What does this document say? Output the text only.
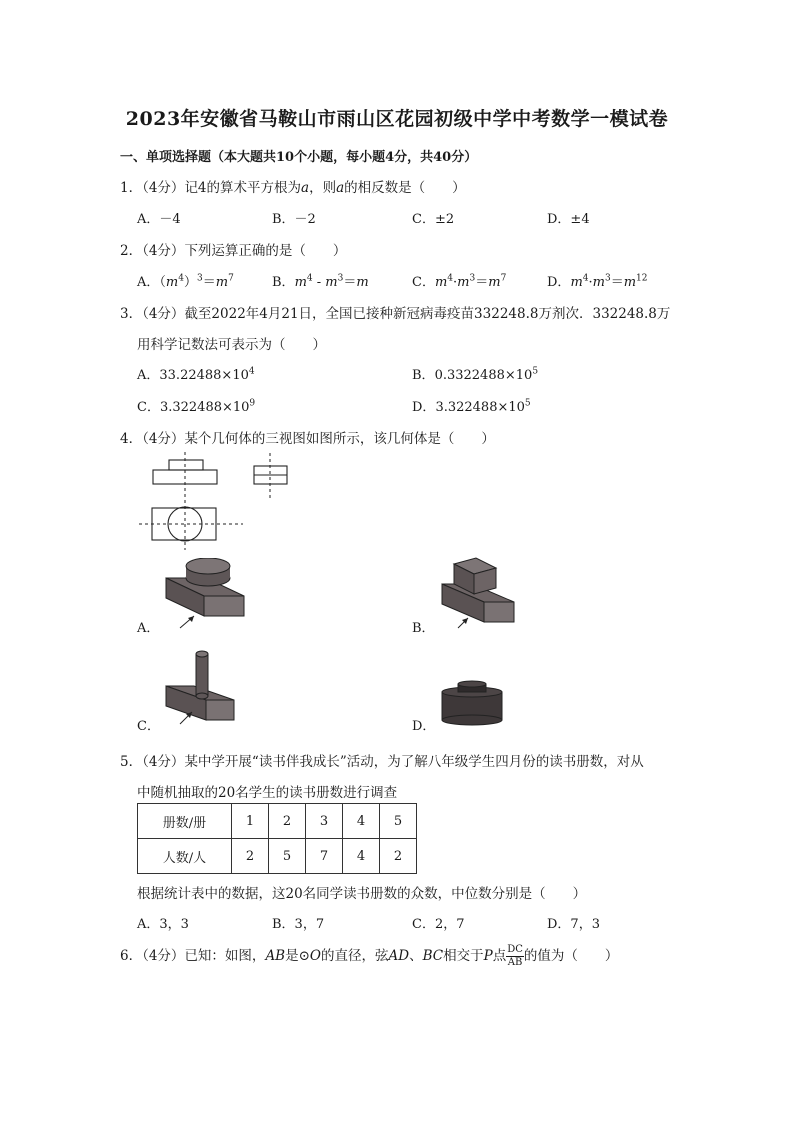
2023年安徽省马鞍山市雨山区花园初级中学中考数学一模试卷
一、单项选择题（本大题共10个小题，每小题4分，共40分）
1．（4分）记4的算术平方根为a，则a的相反数是（　　）
A．－4	B．－2	C．±2	D．±4
2．（4分）下列运算正确的是（　　）
A．$(m^4)^3=m^7$	B．$m^4 - m^3=m$	C．$m^4\cdot m^3=m^7$	D．$m^4\cdot m^3=m^{12}$
3．（4分）截至2022年4月21日，全国已接种新冠病毒疫苗332248.8万剂次．332248.8万
用科学记数法可表示为（　　）
A．$33.22488\times 10^4$	B．$0.3322488\times 10^5$
C．$3.322488\times 10^9$	D．$3.322488\times 10^5$
4．（4分）某个几何体的三视图如图所示，该几何体是（　　）
A．	B．
C．	D．
5．（4分）某中学开展“读书伴我成长”活动，为了解八年级学生四月份的读书册数，对从
中随机抽取的20名学生的读书册数进行调查
册数/册	1	2	3	4	5
人数/人	2	5	7	4	2
根据统计表中的数据，这20名同学读书册数的众数，中位数分别是（　　）
A．3，3	B．3，7	C．2，7	D．7，3
6．（4分）已知：如图，AB是⊙O的直径，弦AD、BC相交于P点 $\frac{DC}{AB}$ 的值为（　　）
